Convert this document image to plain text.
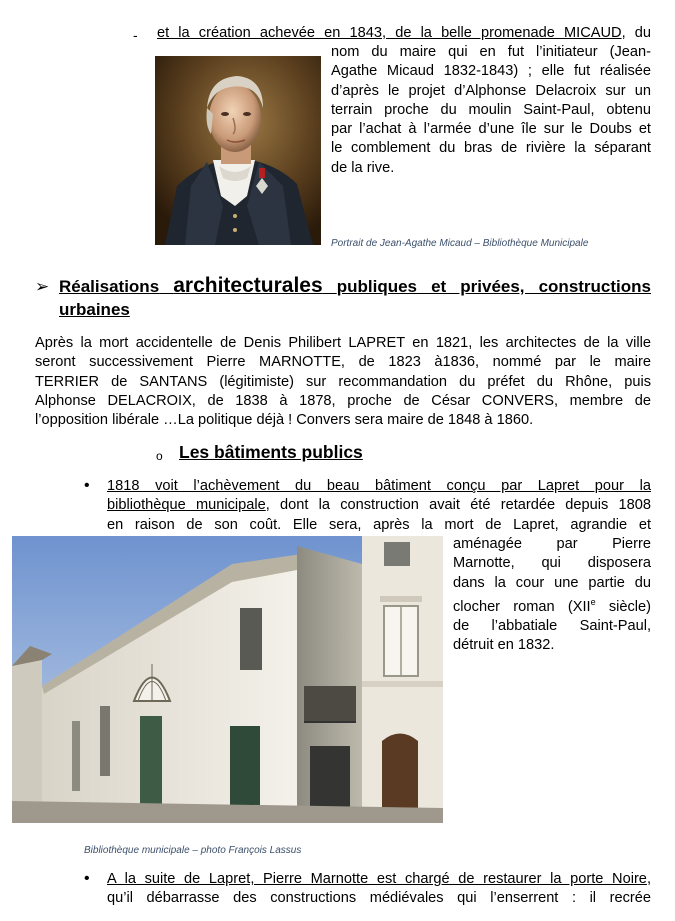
- et la création achevée en 1843, de la belle promenade MICAUD, du
nom du maire qui en fut l’initiateur (Jean-
Agathe Micaud 1832-1843) ; elle fut réalisée
d’après le projet d’Alphonse Delacroix sur un
terrain proche du moulin Saint-Paul, obtenu
par l’achat à l’armée d’une île sur le Doubs et
le comblement du bras de rivière la séparant
de la rive.
Portrait de Jean-Agathe Micaud – Bibliothèque Municipale
➢ Réalisations architecturales publiques et privées, constructions
urbaines
Après la mort accidentelle de Denis Philibert LAPRET en 1821, les architectes de la ville
seront successivement Pierre MARNOTTE, de 1823 à1836, nommé par le maire
TERRIER de SANTANS (légitimiste) sur recommandation du préfet du Rhône, puis
Alphonse DELACROIX, de 1838 à 1878, proche de César CONVERS, membre de
l’opposition libérale …La politique déjà ! Convers sera maire de 1848 à 1860.
o Les bâtiments publics
• 1818 voit l’achèvement du beau bâtiment conçu par Lapret pour la
bibliothèque municipale, dont la construction avait été retardée depuis 1808
en raison de son coût. Elle sera, après la mort de Lapret, agrandie et
aménagée par Pierre
Marnotte, qui disposera
dans la cour une partie du
clocher roman (XIIe siècle)
de l’abbatiale Saint-Paul,
détruit en 1832.
Bibliothèque municipale – photo François Lassus
• A la suite de Lapret, Pierre Marnotte est chargé de restaurer la porte Noire,
qu’il débarrasse des constructions médiévales qui l’enserrent : il recrée
